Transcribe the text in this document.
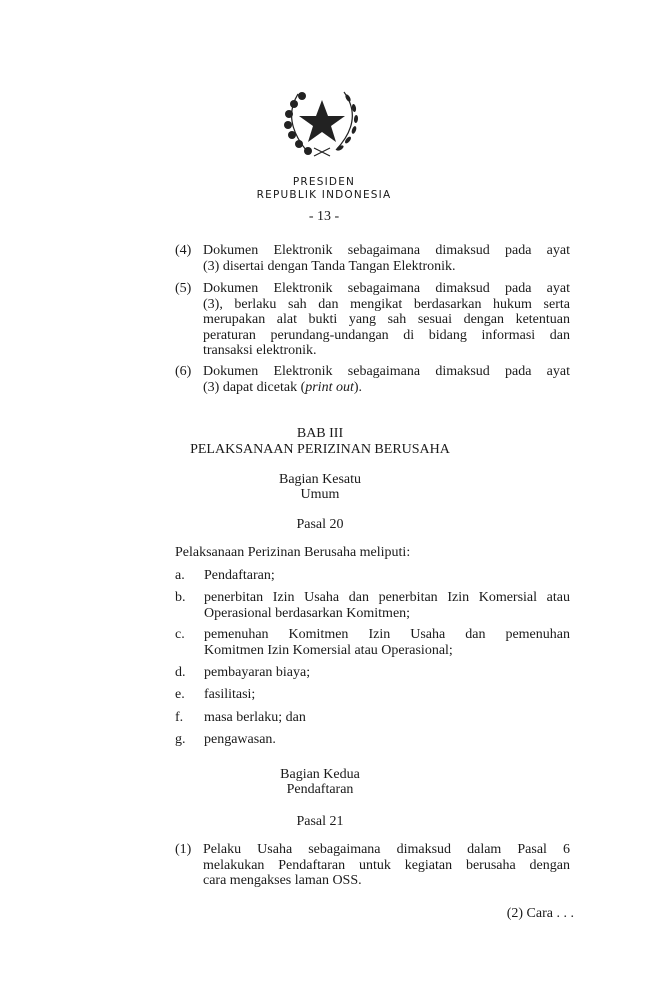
PRESIDEN
REPUBLIK INDONESIA
- 13 -
(4) Dokumen Elektronik sebagaimana dimaksud pada ayat
(3) disertai dengan Tanda Tangan Elektronik.
(5) Dokumen Elektronik sebagaimana dimaksud pada ayat
(3), berlaku sah dan mengikat berdasarkan hukum serta
merupakan alat bukti yang sah sesuai dengan ketentuan
peraturan perundang-undangan di bidang informasi dan
transaksi elektronik.
(6) Dokumen Elektronik sebagaimana dimaksud pada ayat
(3) dapat dicetak (print out).
BAB III
PELAKSANAAN PERIZINAN BERUSAHA
Bagian Kesatu
Umum
Pasal 20
Pelaksanaan Perizinan Berusaha meliputi:
a. Pendaftaran;
b. penerbitan Izin Usaha dan penerbitan Izin Komersial atau
Operasional berdasarkan Komitmen;
c. pemenuhan Komitmen Izin Usaha dan pemenuhan
Komitmen Izin Komersial atau Operasional;
d. pembayaran biaya;
e. fasilitasi;
f. masa berlaku; dan
g. pengawasan.
Bagian Kedua
Pendaftaran
Pasal 21
(1) Pelaku Usaha sebagaimana dimaksud dalam Pasal 6
melakukan Pendaftaran untuk kegiatan berusaha dengan
cara mengakses laman OSS.
(2) Cara . . .
